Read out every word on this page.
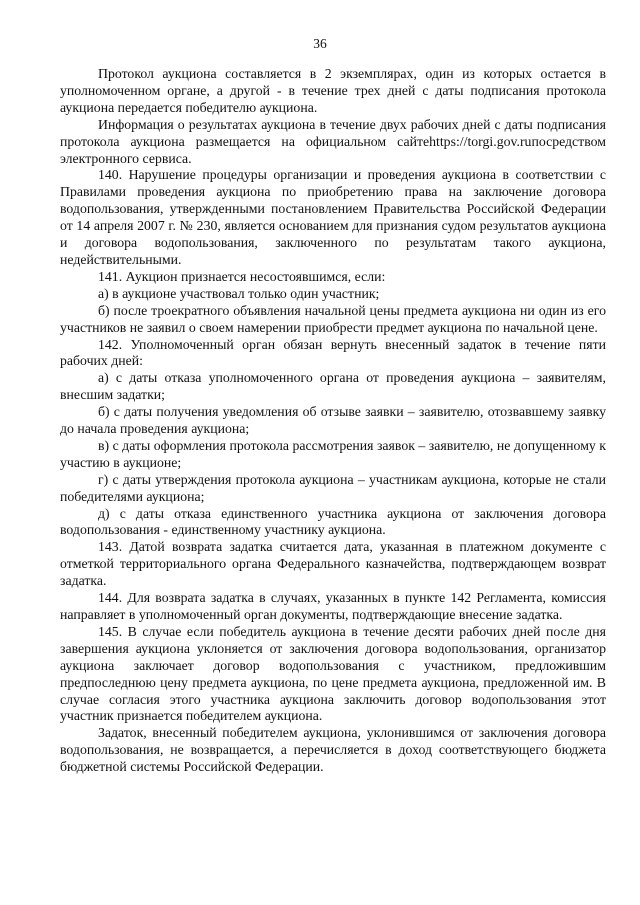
36

Протокол аукциона составляется в 2 экземплярах, один из которых остается в уполномоченном органе, а другой - в течение трех дней с даты подписания протокола аукциона передается победителю аукциона.

Информация о результатах аукциона в течение двух рабочих дней с даты подписания протокола аукциона размещается на официальном сайтеhttps://torgi.gov.ruпосредством электронного сервиса.

140. Нарушение процедуры организации и проведения аукциона в соответствии с Правилами проведения аукциона по приобретению права на заключение договора водопользования, утвержденными постановлением Правительства Российской Федерации от 14 апреля 2007 г. № 230, является основанием для признания судом результатов аукциона и договора водопользования, заключенного по результатам такого аукциона, недействительными.

141. Аукцион признается несостоявшимся, если:

а) в аукционе участвовал только один участник;

б) после троекратного объявления начальной цены предмета аукциона ни один из его участников не заявил о своем намерении приобрести предмет аукциона по начальной цене.

142. Уполномоченный орган обязан вернуть внесенный задаток в течение пяти рабочих дней:

а) с даты отказа уполномоченного органа от проведения аукциона – заявителям, внесшим задатки;

б) с даты получения уведомления об отзыве заявки – заявителю, отозвавшему заявку до начала проведения аукциона;

в) с даты оформления протокола рассмотрения заявок – заявителю, не допущенному к участию в аукционе;

г) с даты утверждения протокола аукциона – участникам аукциона, которые не стали победителями аукциона;

д) с даты отказа единственного участника аукциона от заключения договора водопользования - единственному участнику аукциона.

143. Датой возврата задатка считается дата, указанная в платежном документе с отметкой территориального органа Федерального казначейства, подтверждающем возврат задатка.

144. Для возврата задатка в случаях, указанных в пункте 142 Регламента, комиссия направляет в уполномоченный орган документы, подтверждающие внесение задатка.

145. В случае если победитель аукциона в течение десяти рабочих дней после дня завершения аукциона уклоняется от заключения договора водопользования, организатор аукциона заключает договор водопользования с участником, предложившим предпоследнюю цену предмета аукциона, по цене предмета аукциона, предложенной им. В случае согласия этого участника аукциона заключить договор водопользования этот участник признается победителем аукциона.

Задаток, внесенный победителем аукциона, уклонившимся от заключения договора водопользования, не возвращается, а перечисляется в доход соответствующего бюджета бюджетной системы Российской Федерации.
